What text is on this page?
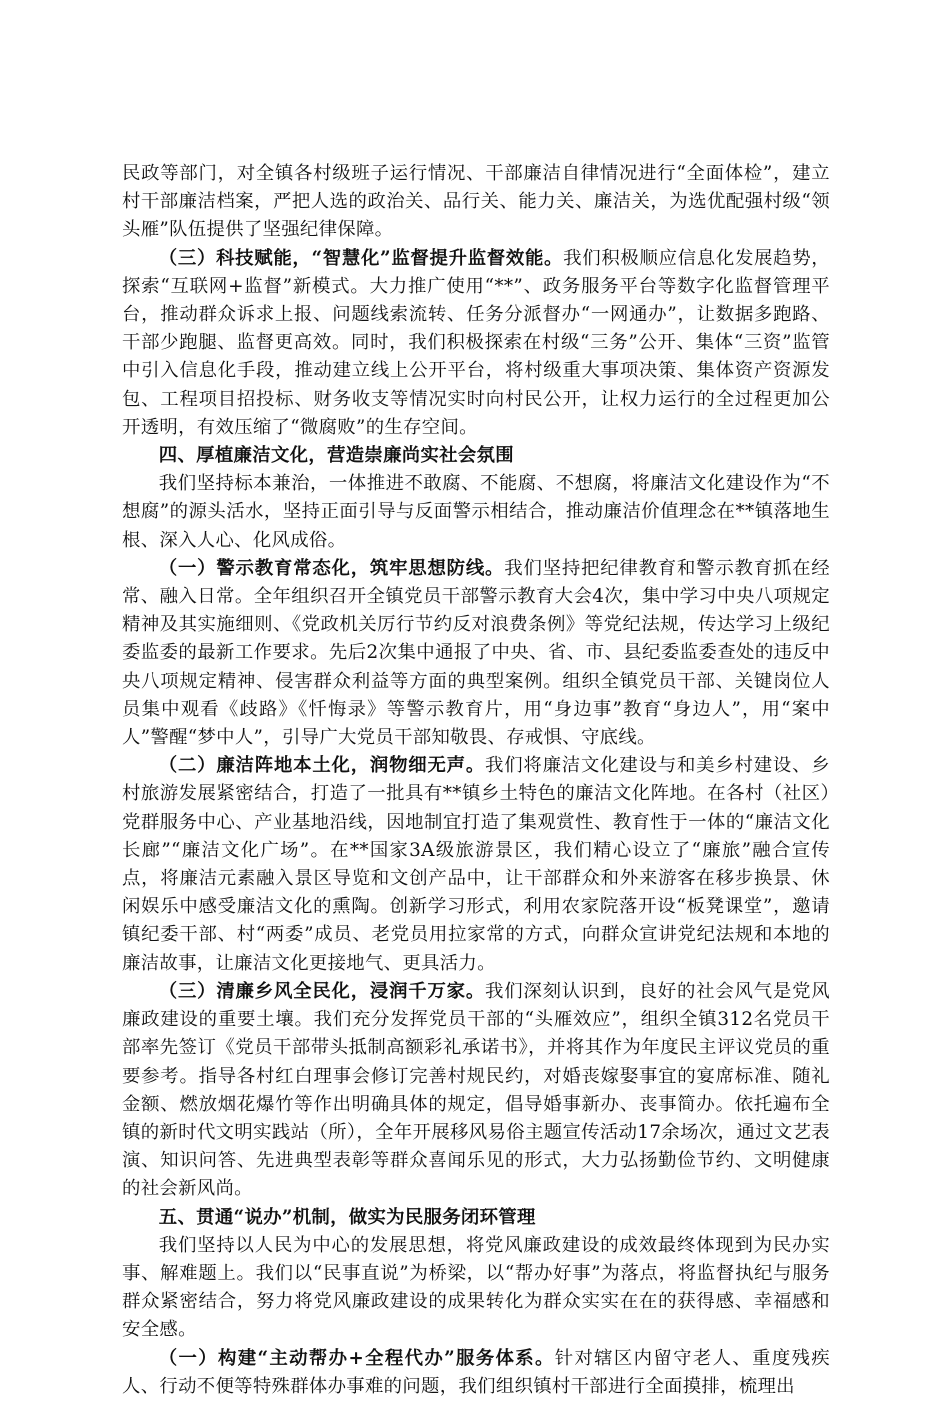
民政等部门，对全镇各村级班子运行情况、干部廉洁自律情况进行“全面体检”，建立村干部廉洁档案，严把人选的政治关、品行关、能力关、廉洁关，为选优配强村级“领头雁”队伍提供了坚强纪律保障。

（三）科技赋能，“智慧化”监督提升监督效能。我们积极顺应信息化发展趋势，探索“互联网+监督”新模式。大力推广使用“**”、政务服务平台等数字化监督管理平台，推动群众诉求上报、问题线索流转、任务分派督办“一网通办”，让数据多跑路、干部少跑腿、监督更高效。同时，我们积极探索在村级“三务”公开、集体“三资”监管中引入信息化手段，推动建立线上公开平台，将村级重大事项决策、集体资产资源发包、工程项目招投标、财务收支等情况实时向村民公开，让权力运行的全过程更加公开透明，有效压缩了“微腐败”的生存空间。

四、厚植廉洁文化，营造崇廉尚实社会氛围

我们坚持标本兼治，一体推进不敢腐、不能腐、不想腐，将廉洁文化建设作为“不想腐”的源头活水，坚持正面引导与反面警示相结合，推动廉洁价值理念在**镇落地生根、深入人心、化风成俗。

（一）警示教育常态化，筑牢思想防线。我们坚持把纪律教育和警示教育抓在经常、融入日常。全年组织召开全镇党员干部警示教育大会4次，集中学习中央八项规定精神及其实施细则、《党政机关厉行节约反对浪费条例》等党纪法规，传达学习上级纪委监委的最新工作要求。先后2次集中通报了中央、省、市、县纪委监委查处的违反中央八项规定精神、侵害群众利益等方面的典型案例。组织全镇党员干部、关键岗位人员集中观看《歧路》《忏悔录》等警示教育片，用“身边事”教育“身边人”，用“案中人”警醒“梦中人”，引导广大党员干部知敬畏、存戒惧、守底线。

（二）廉洁阵地本土化，润物细无声。我们将廉洁文化建设与和美乡村建设、乡村旅游发展紧密结合，打造了一批具有**镇乡土特色的廉洁文化阵地。在各村（社区）党群服务中心、产业基地沿线，因地制宜打造了集观赏性、教育性于一体的“廉洁文化长廊”“廉洁文化广场”。在**国家3A级旅游景区，我们精心设立了“廉旅”融合宣传点，将廉洁元素融入景区导览和文创产品中，让干部群众和外来游客在移步换景、休闲娱乐中感受廉洁文化的熏陶。创新学习形式，利用农家院落开设“板凳课堂”，邀请镇纪委干部、村“两委”成员、老党员用拉家常的方式，向群众宣讲党纪法规和本地的廉洁故事，让廉洁文化更接地气、更具活力。

（三）清廉乡风全民化，浸润千万家。我们深刻认识到，良好的社会风气是党风廉政建设的重要土壤。我们充分发挥党员干部的“头雁效应”，组织全镇312名党员干部率先签订《党员干部带头抵制高额彩礼承诺书》，并将其作为年度民主评议党员的重要参考。指导各村红白理事会修订完善村规民约，对婚丧嫁娶事宜的宴席标准、随礼金额、燃放烟花爆竹等作出明确具体的规定，倡导婚事新办、丧事简办。依托遍布全镇的新时代文明实践站（所），全年开展移风易俗主题宣传活动17余场次，通过文艺表演、知识问答、先进典型表彰等群众喜闻乐见的形式，大力弘扬勤俭节约、文明健康的社会新风尚。

五、贯通“说办”机制，做实为民服务闭环管理

我们坚持以人民为中心的发展思想，将党风廉政建设的成效最终体现到为民办实事、解难题上。我们以“民事直说”为桥梁，以“帮办好事”为落点，将监督执纪与服务群众紧密结合，努力将党风廉政建设的成果转化为群众实实在在的获得感、幸福感和安全感。

（一）构建“主动帮办+全程代办”服务体系。针对辖区内留守老人、重度残疾人、行动不便等特殊群体办事难的问题，我们组织镇村干部进行全面摸排，梳理出
